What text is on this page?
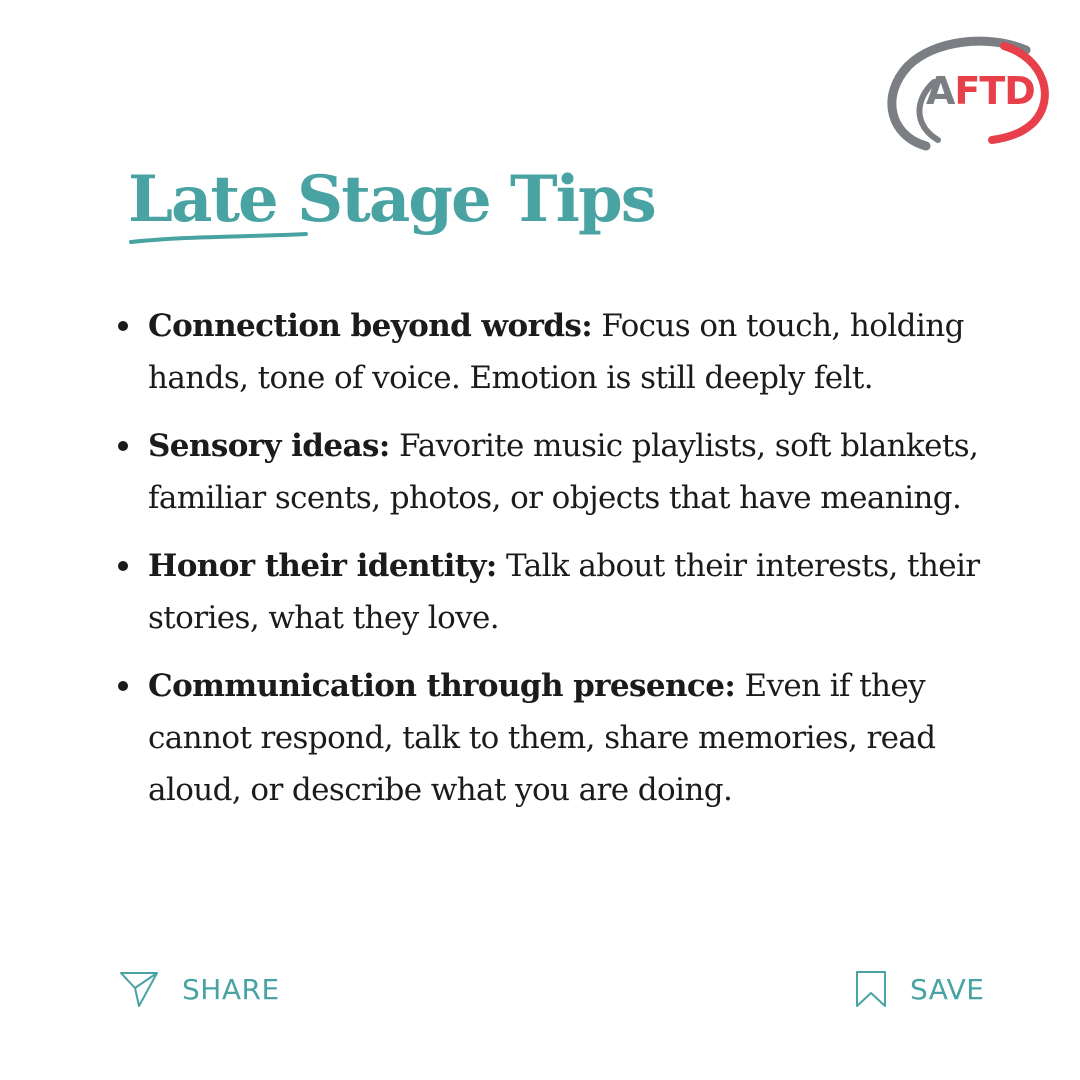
AFTD
Late Stage Tips
Connection beyond words: Focus on touch, holding hands, tone of voice. Emotion is still deeply felt.
Sensory ideas: Favorite music playlists, soft blankets, familiar scents, photos, or objects that have meaning.
Honor their identity: Talk about their interests, their stories, what they love.
Communication through presence: Even if they cannot respond, talk to them, share memories, read aloud, or describe what you are doing.
SHARE	SAVE
